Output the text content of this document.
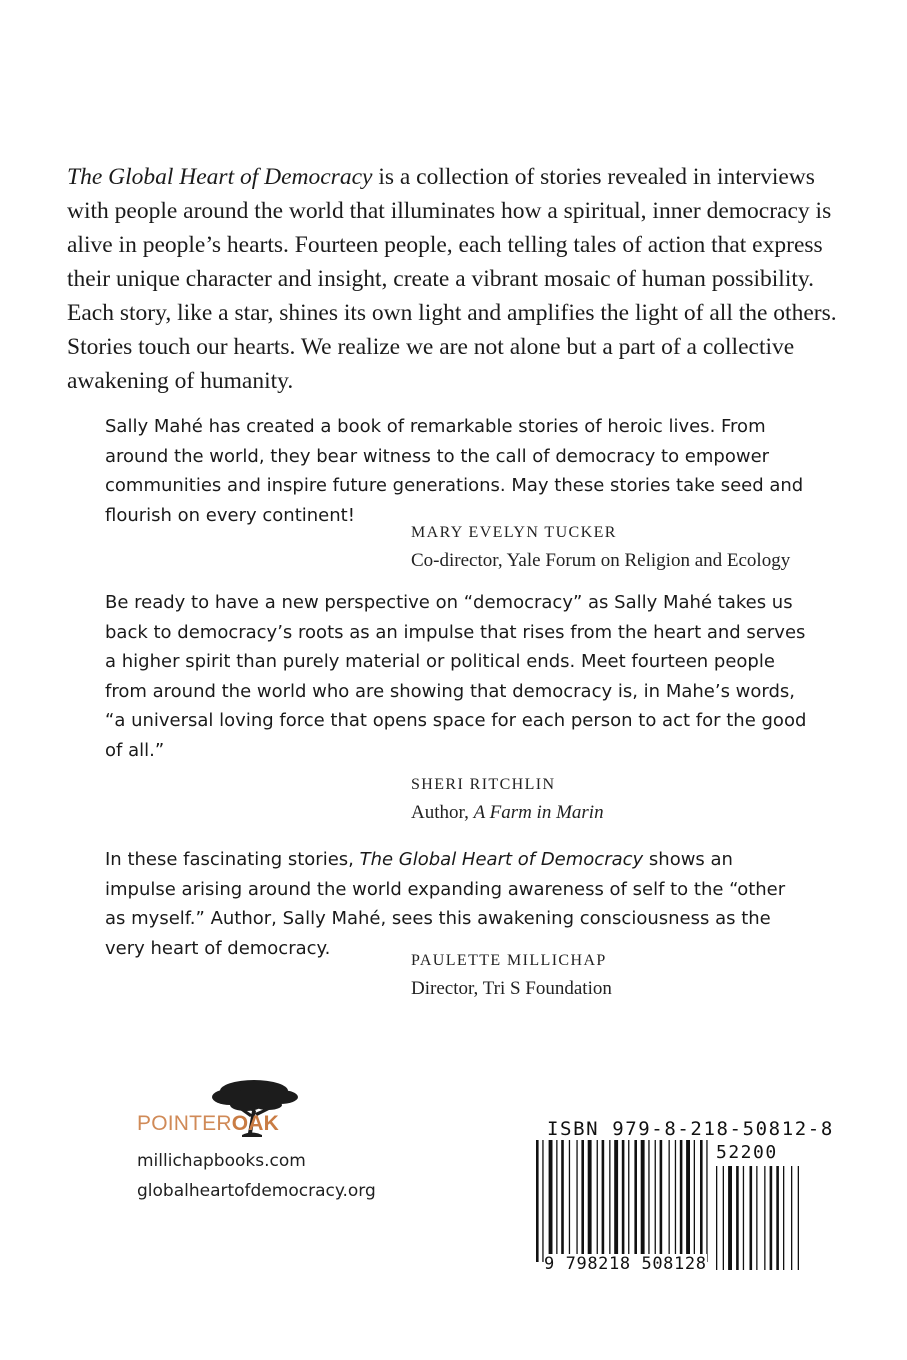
The Global Heart of Democracy is a collection of stories revealed in interviews with people around the world that illuminates how a spiritual, inner democracy is alive in people’s hearts. Fourteen people, each telling tales of action that express their unique character and insight, create a vibrant mosaic of human possibility. Each story, like a star, shines its own light and amplifies the light of all the others. Stories touch our hearts. We realize we are not alone but a part of a collective awakening of humanity.

Sally Mahé has created a book of remarkable stories of heroic lives. From around the world, they bear witness to the call of democracy to empower communities and inspire future generations. May these stories take seed and flourish on every continent!

MARY EVELYN TUCKER
Co-director, Yale Forum on Religion and Ecology

Be ready to have a new perspective on “democracy” as Sally Mahé takes us back to democracy’s roots as an impulse that rises from the heart and serves a higher spirit than purely material or political ends. Meet fourteen people from around the world who are showing that democracy is, in Mahe’s words, “a universal loving force that opens space for each person to act for the good of all.”

SHERI RITCHLIN
Author, A Farm in Marin

In these fascinating stories, The Global Heart of Democracy shows an impulse arising around the world expanding awareness of self to the “other as myself.” Author, Sally Mahé, sees this awakening consciousness as the very heart of democracy.

PAULETTE MILLICHAP
Director, Tri S Foundation
POINTEROAK
millichapbooks.com
globalheartofdemocracy.org
ISBN 979-8-218-50812-8
52200
9 798218 508128
